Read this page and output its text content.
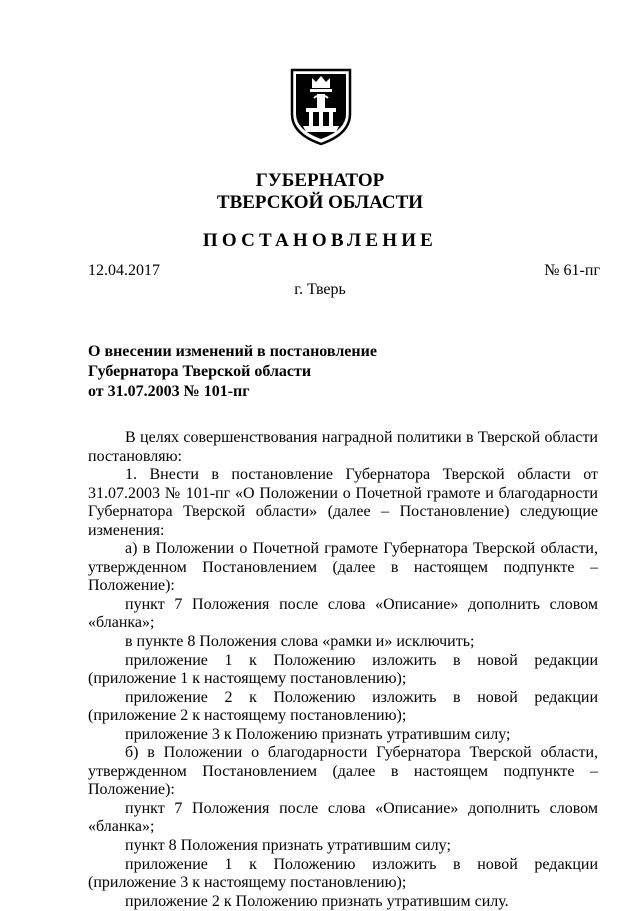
ГУБЕРНАТОР
ТВЕРСКОЙ ОБЛАСТИ
ПОСТАНОВЛЕНИЕ
12.04.2017	№ 61-пг
г. Тверь
О внесении изменений в постановление
Губернатора Тверской области
от 31.07.2003 № 101-пг

В целях совершенствования наградной политики в Тверской области постановляю:

1. Внести в постановление Губернатора Тверской области от 31.07.2003 № 101-пг «О Положении о Почетной грамоте и благодарности Губернатора Тверской области» (далее – Постановление) следующие изменения:

а) в Положении о Почетной грамоте Губернатора Тверской области, утвержденном Постановлением (далее в настоящем подпункте – Положение):

пункт 7 Положения после слова «Описание» дополнить словом «бланка»;

в пункте 8 Положения слова «рамки и» исключить;

приложение 1 к Положению изложить в новой редакции (приложение 1 к настоящему постановлению);

приложение 2 к Положению изложить в новой редакции (приложение 2 к настоящему постановлению);

приложение 3 к Положению признать утратившим силу;

б) в Положении о благодарности Губернатора Тверской области, утвержденном Постановлением (далее в настоящем подпункте – Положение):

пункт 7 Положения после слова «Описание» дополнить словом «бланка»;

пункт 8 Положения признать утратившим силу;

приложение 1 к Положению изложить в новой редакции (приложение 3 к настоящему постановлению);

приложение 2 к Положению признать утратившим силу.
